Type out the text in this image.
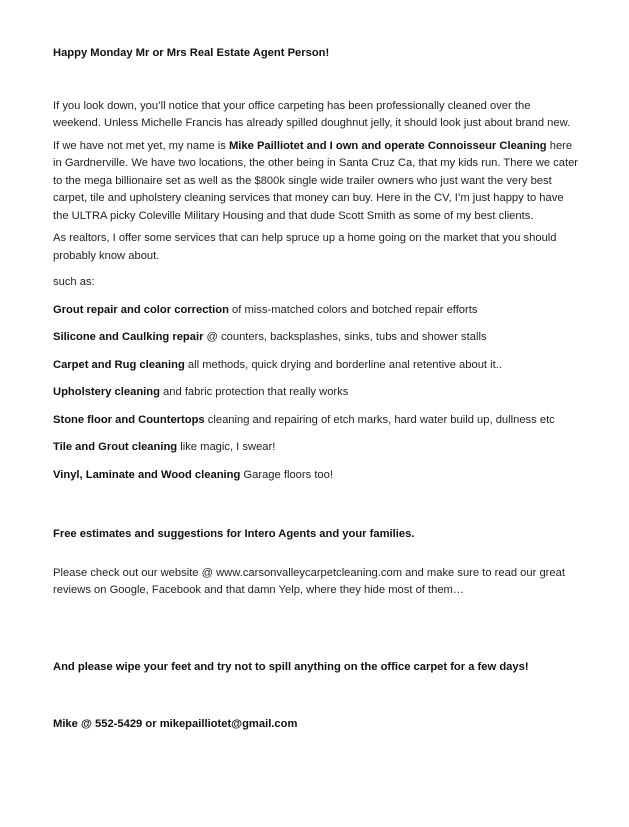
Happy Monday Mr or Mrs Real Estate Agent Person!

If you look down, you’ll notice that your office carpeting has been professionally cleaned over the weekend. Unless Michelle Francis has already spilled doughnut jelly, it should look just about brand new.

If we have not met yet, my name is Mike Pailliotet and I own and operate Connoisseur Cleaning here in Gardnerville. We have two locations, the other being in Santa Cruz Ca, that my kids run. There we cater to the mega billionaire set as well as the $800k single wide trailer owners who just want the very best carpet, tile and upholstery cleaning services that money can buy. Here in the CV, I’m just happy to have the ULTRA picky Coleville Military Housing and that dude Scott Smith as some of my best clients.

As realtors, I offer some services that can help spruce up a home going on the market that you should probably know about.

such as:

Grout repair and color correction of miss-matched colors and botched repair efforts

Silicone and Caulking repair @ counters, backsplashes, sinks, tubs and shower stalls

Carpet and Rug cleaning all methods, quick drying and borderline anal retentive about it..

Upholstery cleaning and fabric protection that really works

Stone floor and Countertops cleaning and repairing of etch marks, hard water build up, dullness etc

Tile and Grout cleaning like magic, I swear!

Vinyl, Laminate and Wood cleaning Garage floors too!

Free estimates and suggestions for Intero Agents and your families.

Please check out our website @ www.carsonvalleycarpetcleaning.com and make sure to read our great reviews on Google, Facebook and that damn Yelp, where they hide most of them…

And please wipe your feet and try not to spill anything on the office carpet for a few days!

Mike @ 552-5429 or mikepailliotet@gmail.com
